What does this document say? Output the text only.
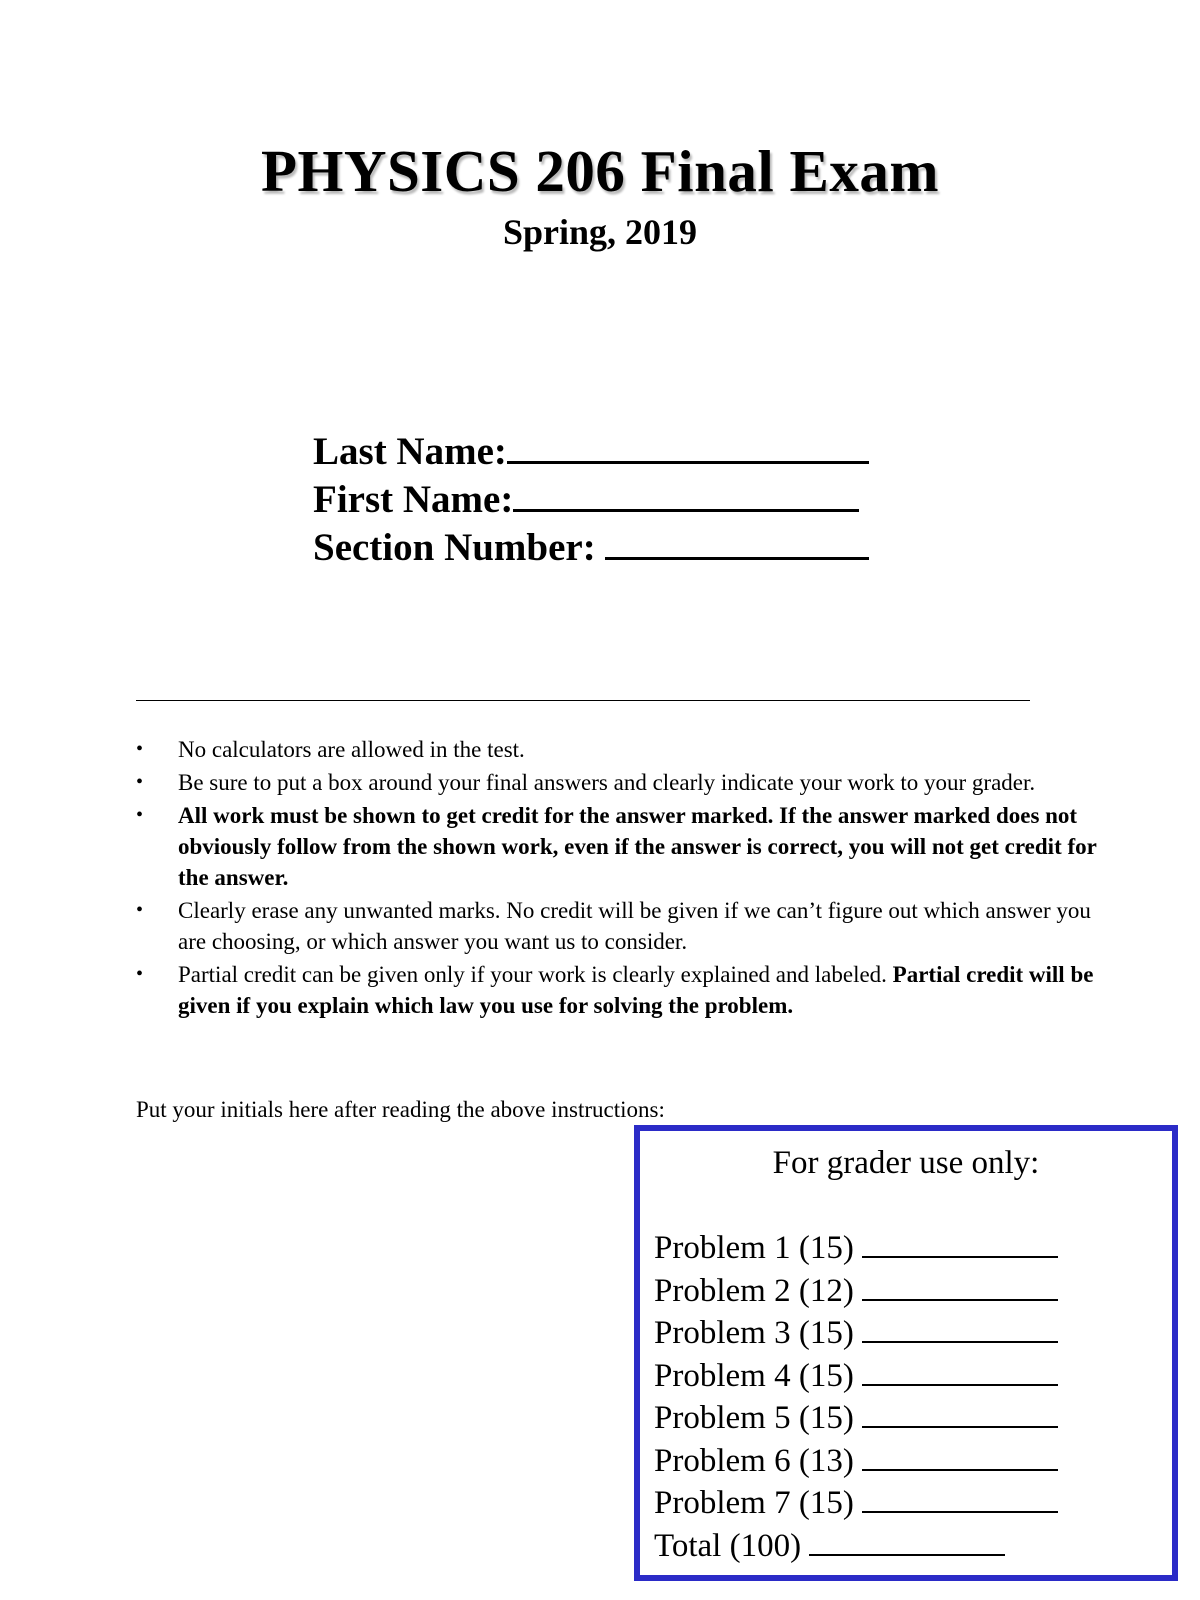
PHYSICS 206 Final Exam
Spring, 2019
Last Name:
First Name:
Section Number:
• No calculators are allowed in the test.
• Be sure to put a box around your final answers and clearly indicate your work to your grader.
• All work must be shown to get credit for the answer marked. If the answer marked does not obviously follow from the shown work, even if the answer is correct, you will not get credit for the answer.
• Clearly erase any unwanted marks. No credit will be given if we can’t figure out which answer you are choosing, or which answer you want us to consider.
• Partial credit can be given only if your work is clearly explained and labeled. Partial credit will be given if you explain which law you use for solving the problem.
Put your initials here after reading the above instructions:
For grader use only:
Problem 1 (15)
Problem 2 (12)
Problem 3 (15)
Problem 4 (15)
Problem 5 (15)
Problem 6 (13)
Problem 7 (15)
Total (100)
